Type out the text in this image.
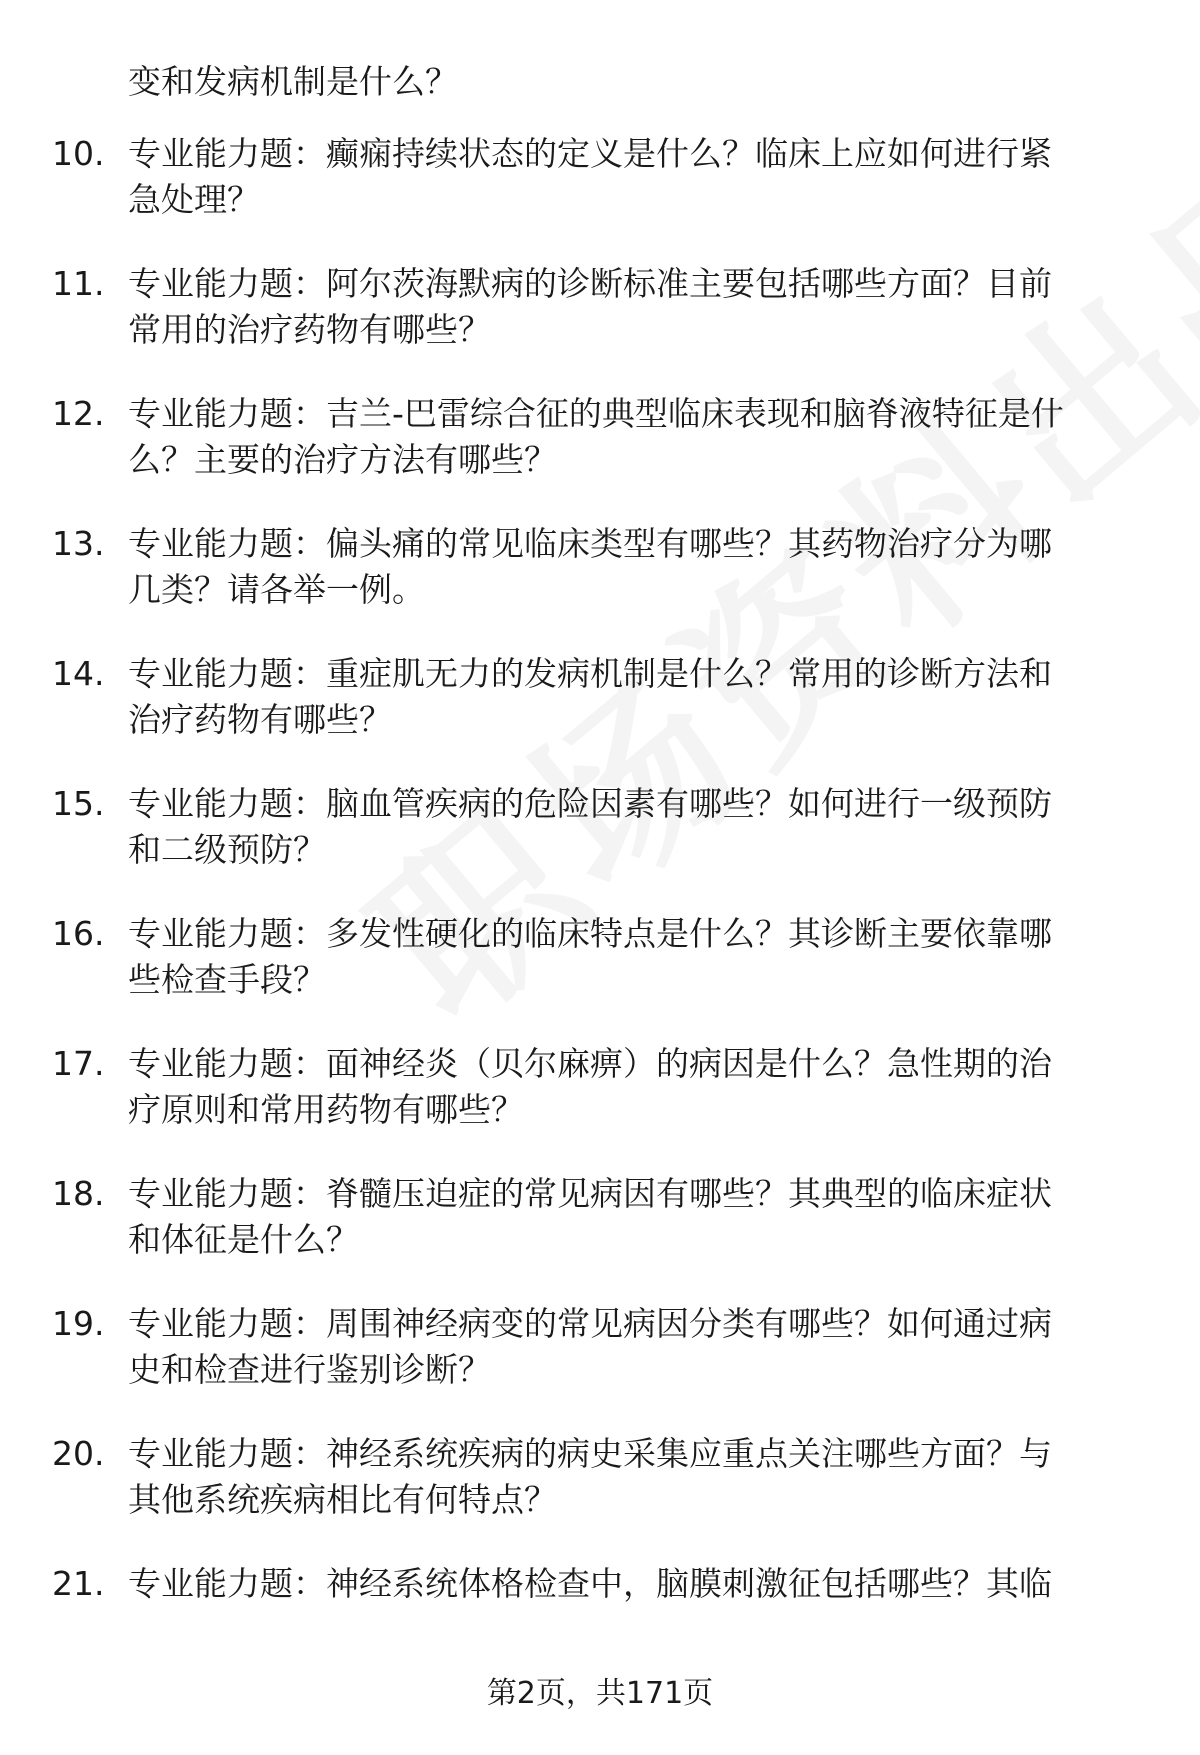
变和发病机制是什么？
10. 专业能力题：癫痫持续状态的定义是什么？临床上应如何进行紧
急处理？
11. 专业能力题：阿尔茨海默病的诊断标准主要包括哪些方面？目前
常用的治疗药物有哪些？
12. 专业能力题：吉兰-巴雷综合征的典型临床表现和脑脊液特征是什
么？主要的治疗方法有哪些？
13. 专业能力题：偏头痛的常见临床类型有哪些？其药物治疗分为哪
几类？请各举一例。
14. 专业能力题：重症肌无力的发病机制是什么？常用的诊断方法和
治疗药物有哪些？
15. 专业能力题：脑血管疾病的危险因素有哪些？如何进行一级预防
和二级预防？
16. 专业能力题：多发性硬化的临床特点是什么？其诊断主要依靠哪
些检查手段？
17. 专业能力题：面神经炎（贝尔麻痹）的病因是什么？急性期的治
疗原则和常用药物有哪些？
18. 专业能力题：脊髓压迫症的常见病因有哪些？其典型的临床症状
和体征是什么？
19. 专业能力题：周围神经病变的常见病因分类有哪些？如何通过病
史和检查进行鉴别诊断？
20. 专业能力题：神经系统疾病的病史采集应重点关注哪些方面？与
其他系统疾病相比有何特点？
21. 专业能力题：神经系统体格检查中，脑膜刺激征包括哪些？其临
第2页，共171页
